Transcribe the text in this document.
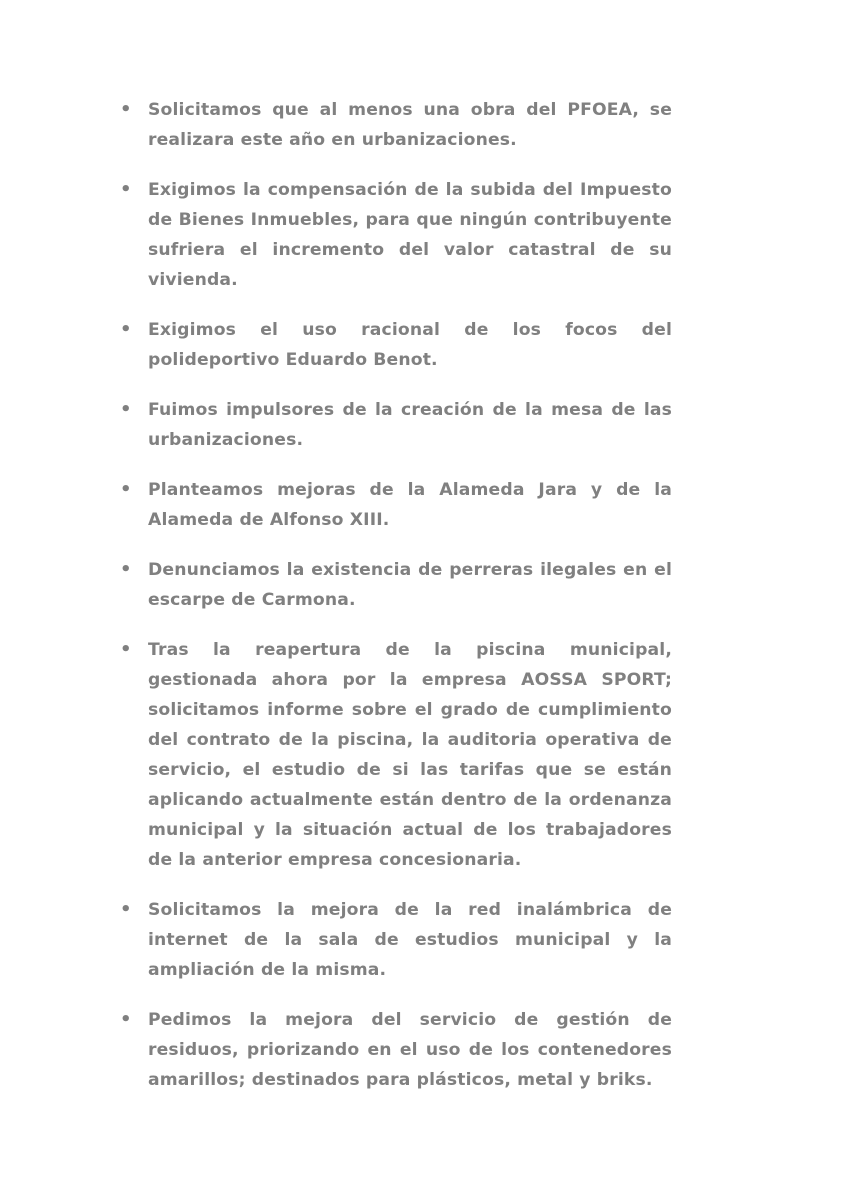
• Solicitamos que al menos una obra del PFOEA, se realizara este año en urbanizaciones.
• Exigimos la compensación de la subida del Impuesto de Bienes Inmuebles, para que ningún contribuyente sufriera el incremento del valor catastral de su vivienda.
• Exigimos el uso racional de los focos del polideportivo Eduardo Benot.
• Fuimos impulsores de la creación de la mesa de las urbanizaciones.
• Planteamos mejoras de la Alameda Jara y de la Alameda de Alfonso XIII.
• Denunciamos la existencia de perreras ilegales en el escarpe de Carmona.
• Tras la reapertura de la piscina municipal, gestionada ahora por la empresa AOSSA SPORT; solicitamos informe sobre el grado de cumplimiento del contrato de la piscina, la auditoria operativa de servicio, el estudio de si las tarifas que se están aplicando actualmente están dentro de la ordenanza municipal y la situación actual de los trabajadores de la anterior empresa concesionaria.
• Solicitamos la mejora de la red inalámbrica de internet de la sala de estudios municipal y la ampliación de la misma.
• Pedimos la mejora del servicio de gestión de residuos, priorizando en el uso de los contenedores amarillos; destinados para plásticos, metal y briks.
